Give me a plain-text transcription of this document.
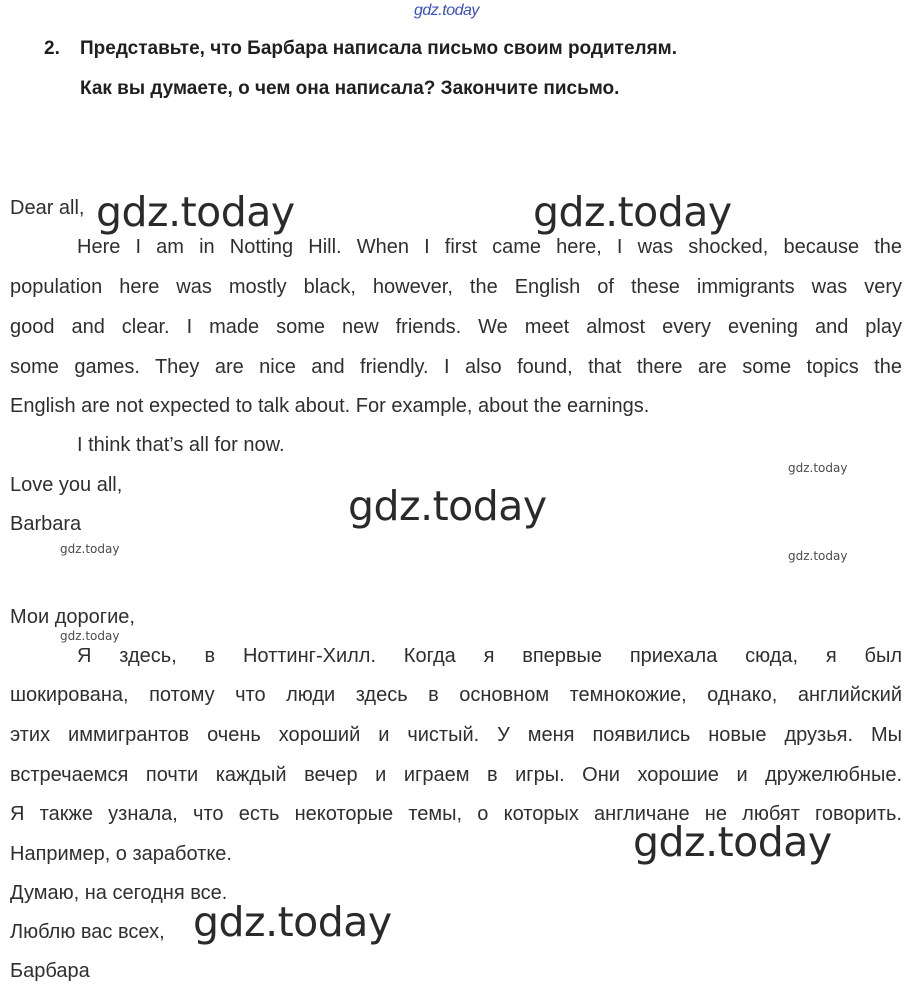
gdz.today
2. Представьте, что Барбара написала письмо своим родителям.
Как вы думаете, о чем она написала? Закончите письмо.
Dear all,
Here I am in Notting Hill. When I first came here, I was shocked, because the
population here was mostly black, however, the English of these immigrants was very
good and clear. I made some new friends. We meet almost every evening and play
some games. They are nice and friendly. I also found, that there are some topics the
English are not expected to talk about. For example, about the earnings.
I think that’s all for now.
Love you all,
Barbara
Мои дорогие,
Я здесь, в Ноттинг-Хилл. Когда я впервые приехала сюда, я был
шокирована, потому что люди здесь в основном темнокожие, однако, английский
этих иммигрантов очень хороший и чистый. У меня появились новые друзья. Мы
встречаемся почти каждый вечер и играем в игры. Они хорошие и дружелюбные.
Я также узнала, что есть некоторые темы, о которых англичане не любят говорить.
Например, о заработке.
Думаю, на сегодня все.
Люблю вас всех,
Барбара
gdz.today	gdz.today
gdz.today
gdz.today
gdz.today
gdz.today
gdz.today	gdz.today
gdz.today
